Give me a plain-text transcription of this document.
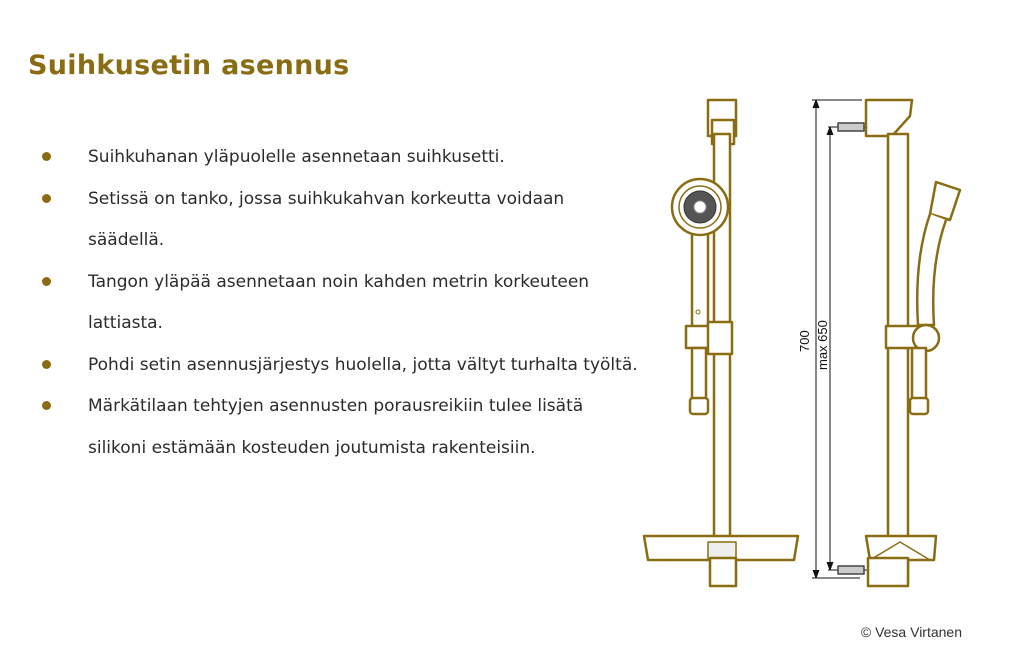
Suihkusetin asennus
Suihkuhanan yläpuolelle asennetaan suihkusetti.
Setissä on tanko, jossa suihkukahvan korkeutta voidaan säädellä.
Tangon yläpää asennetaan noin kahden metrin korkeuteen lattiasta.
Pohdi setin asennusjärjestys huolella, jotta vältyt turhalta työltä.
Märkätilaan tehtyjen asennusten porausreikiin tulee lisätä silikoni estämään kosteuden joutumista rakenteisiin.
700 max 650
© Vesa Virtanen
